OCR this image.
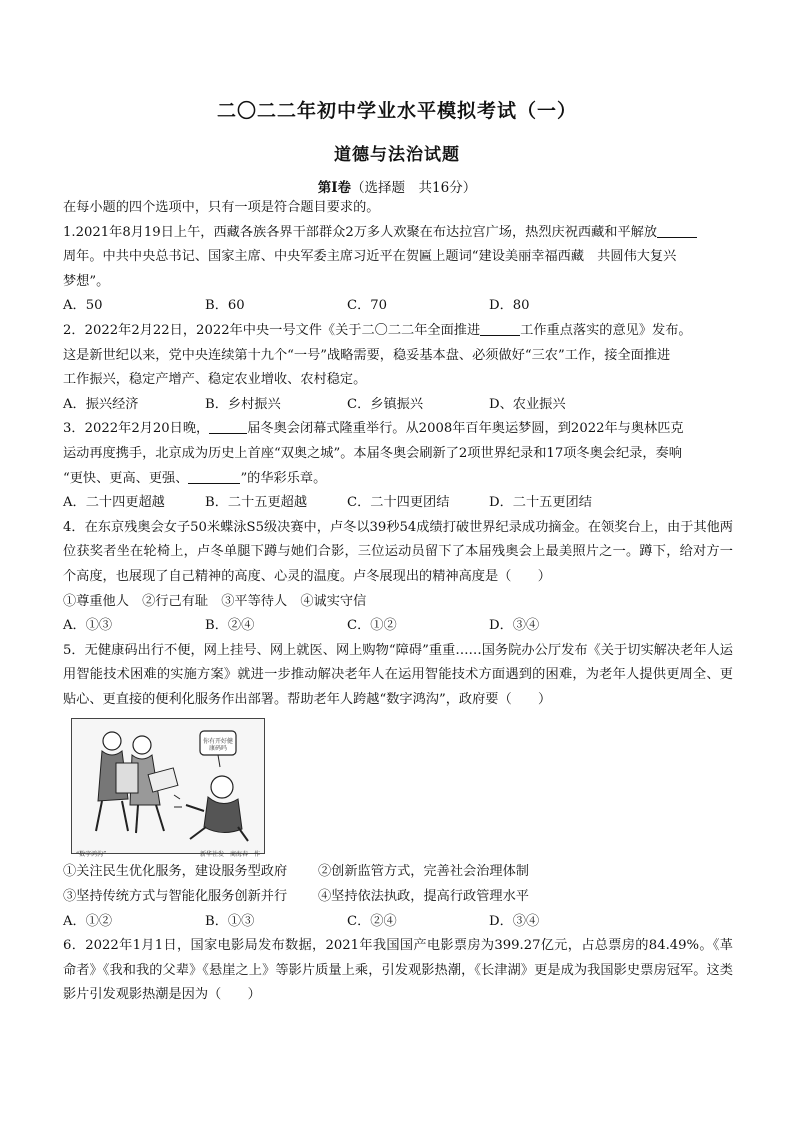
二〇二二年初中学业水平模拟考试（一）
道德与法治试题
第Ⅰ卷（选择题　共16分）

在每小题的四个选项中，只有一项是符合题目要求的。

1.2021年8月19日上午，西藏各族各界干部群众2万多人欢聚在布达拉宫广场，热烈庆祝西藏和平解放

周年。中共中央总书记、国家主席、中央军委主席习近平在贺匾上题词“建设美丽幸福西藏　共圆伟大复兴

梦想”。

A．50	B．60	C．70	D．80

2．2022年2月22日，2022年中央一号文件《关于二〇二二年全面推进	工作重点落实的意见》发布。

这是新世纪以来，党中央连续第十九个“一号”战略需要，稳妥基本盘、必须做好“三农”工作，接全面推进

工作振兴，稳定产增产、稳定农业增收、农村稳定。

A．振兴经济	B．乡村振兴	C．乡镇振兴	D、农业振兴

3．2022年2月20日晚，	届冬奥会闭幕式隆重举行。从2008年百年奥运梦圆，到2022年与奥林匹克

运动再度携手，北京成为历史上首座“双奥之城”。本届冬奥会刷新了2项世界纪录和17项冬奥会纪录，奏响

“更快、更高、更强、	”的华彩乐章。

A．二十四更超越	B．二十五更超越	C．二十四更团结	D．二十五更团结

4．在东京残奥会女子50米蝶泳S5级决赛中，卢冬以39秒54成绩打破世界纪录成功摘金。在领奖台上，由于其他两位获奖者坐在轮椅上，卢冬单腿下蹲与她们合影，三位运动员留下了本届残奥会上最美照片之一。蹲下，给对方一个高度，也展现了自己精神的高度、心灵的温度。卢冬展现出的精神高度是（　　）

①尊重他人　②行己有耻　③平等待人　④诚实守信

A．①③	B．②④	C．①②	D．③④

5．无健康码出行不便，网上挂号、网上就医、网上购物“障碍”重重……国务院办公厅发布《关于切实解决老年人运用智能技术困难的实施方案》就进一步推动解决老年人在运用智能技术方面遇到的困难，为老年人提供更周全、更贴心、更直接的便利化服务作出部署。帮助老年人跨越“数字鸿沟”，政府要（　　）

你有开好健康码吗
“数字鸿沟”	新华社发　商海春　作
①关注民生优化服务，建设服务型政府	②创新监管方式，完善社会治理体制
③坚持传统方式与智能化服务创新并行	④坚持依法执政，提高行政管理水平
A．①②	B．①③	C．②④	D．③④

6．2022年1月1日，国家电影局发布数据，2021年我国国产电影票房为399.27亿元，占总票房的84.49%。《革命者》《我和我的父辈》《悬崖之上》等影片质量上乘，引发观影热潮，《长津湖》更是成为我国影史票房冠军。这类影片引发观影热潮是因为（　　）
